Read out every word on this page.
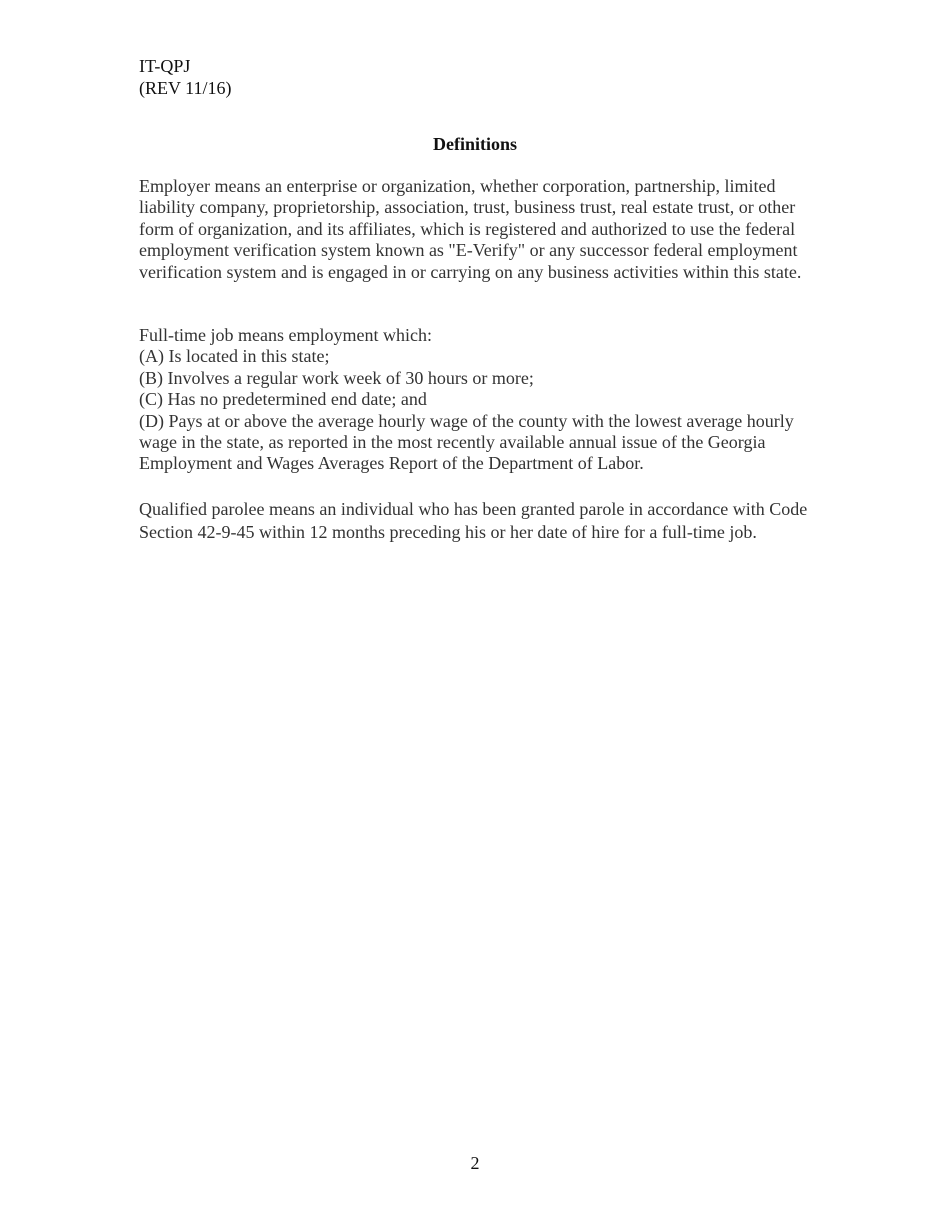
IT-QPJ
(REV 11/16)
Definitions

Employer means an enterprise or organization, whether corporation, partnership, limited liability company, proprietorship, association, trust, business trust, real estate trust, or other form of organization, and its affiliates, which is registered and authorized to use the federal employment verification system known as "E-Verify" or any successor federal employment verification system and is engaged in or carrying on any business activities within this state.

Full-time job means employment which:
(A) Is located in this state;
(B) Involves a regular work week of 30 hours or more;
(C) Has no predetermined end date; and
(D) Pays at or above the average hourly wage of the county with the lowest average hourly wage in the state, as reported in the most recently available annual issue of the Georgia Employment and Wages Averages Report of the Department of Labor.

Qualified parolee means an individual who has been granted parole in accordance with Code Section 42-9-45 within 12 months preceding his or her date of hire for a full-time job.

2
